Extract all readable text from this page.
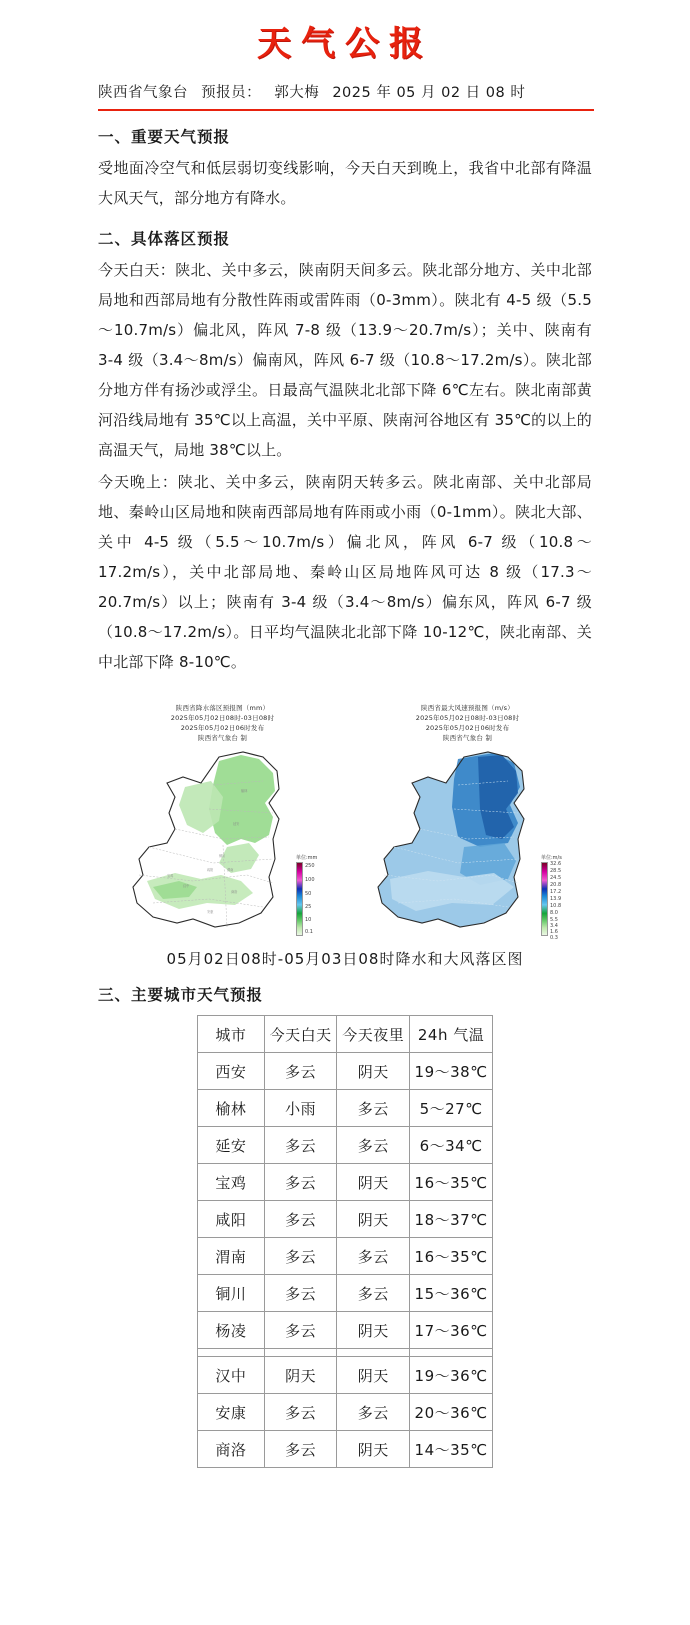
天气公报
陕西省气象台 预报员： 郭大梅 2025 年 05 月 02 日 08 时
一、重要天气预报

受地面冷空气和低层弱切变线影响，今天白天到晚上，我省中北部有降温大风天气，部分地方有降水。

二、具体落区预报

今天白天：陕北、关中多云，陕南阴天间多云。陕北部分地方、关中北部局地和西部局地有分散性阵雨或雷阵雨（0-3mm）。陕北有 4-5 级（5.5～10.7m/s）偏北风，阵风 7-8 级（13.9～20.7m/s）；关中、陕南有 3-4 级（3.4～8m/s）偏南风，阵风 6-7 级（10.8～17.2m/s）。陕北部分地方伴有扬沙或浮尘。日最高气温陕北北部下降 6℃左右。陕北南部黄河沿线局地有 35℃以上高温，关中平原、陕南河谷地区有 35℃的以上的高温天气，局地 38℃以上。

今天晚上：陕北、关中多云，陕南阴天转多云。陕北南部、关中北部局地、秦岭山区局地和陕南西部局地有阵雨或小雨（0-1mm）。陕北大部、关中 4-5 级（5.5～10.7m/s）偏北风，阵风 6-7 级（10.8～17.2m/s），关中北部局地、秦岭山区局地阵风可达 8 级（17.3～20.7m/s）以上；陕南有 3-4 级（3.4～8m/s）偏东风，阵风 6-7 级（10.8～17.2m/s）。日平均气温陕北北部下降 10-12℃，陕北南部、关中北部下降 8-10℃。

陕西省降水落区预报图（mm）
2025年05月02日08时-03日08时
2025年05月02日06时发布
陕西省气象台 制
榆林
延安
铜川
咸阳	渭南
汉中
商洛
安康
宝鸡
单位:mm
250
100
50
25
10
0.1
陕西省最大风速预报图（m/s）
2025年05月02日08时-03日08时
2025年05月02日06时发布
陕西省气象台 制
单位:m/s
32.6
28.5
24.5
20.8
17.2
13.9
10.8
8.0
5.5
3.4
1.6
0.3
05月02日08时-05月03日08时降水和大风落区图
三、主要城市天气预报
城市	今天白天	今天夜里	24h 气温
西安	多云	阴天	19～38℃
榆林	小雨	多云	5～27℃
延安	多云	多云	6～34℃
宝鸡	多云	阴天	16～35℃
咸阳	多云	阴天	18～37℃
渭南	多云	多云	16～35℃
铜川	多云	多云	15～36℃
杨凌	多云	阴天	17～36℃

汉中	阴天	阴天	19～36℃
安康	多云	多云	20～36℃
商洛	多云	阴天	14～35℃
